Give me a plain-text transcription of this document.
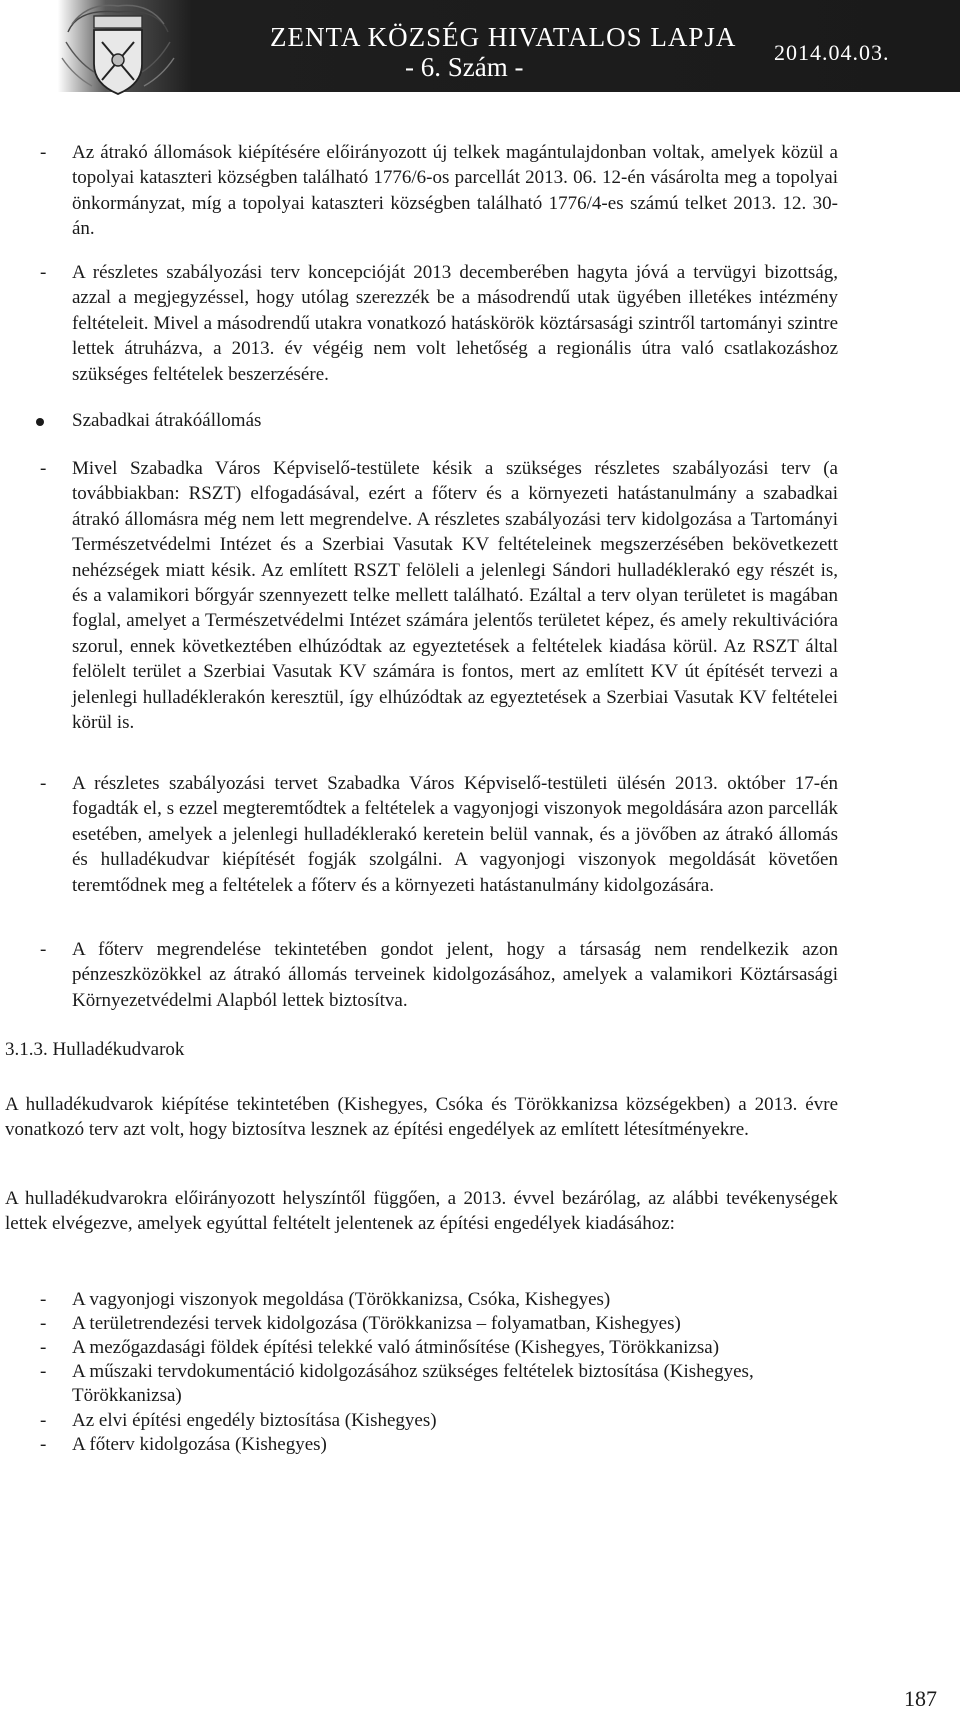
ZENTA KÖZSÉG HIVATALOS LAPJA
- 6. Szám -	2014.04.03.
- Az átrakó állomások kiépítésére előirányozott új telkek magántulajdonban voltak, amelyek közül a topolyai kataszteri községben található 1776/6-os parcellát 2013. 06. 12-én vásárolta meg a topolyai önkormányzat, míg a topolyai kataszteri községben található 1776/4-es számú telket 2013. 12. 30-án.
- A részletes szabályozási terv koncepcióját 2013 decemberében hagyta jóvá a tervügyi bizottság, azzal a megjegyzéssel, hogy utólag szerezzék be a másodrendű utak ügyében illetékes intézmény feltételeit. Mivel a másodrendű utakra vonatkozó hatáskörök köztársasági szintről tartományi szintre lettek átruházva, a 2013. év végéig nem volt lehetőség a regionális útra való csatlakozáshoz szükséges feltételek beszerzésére.
Szabadkai átrakóállomás
- Mivel Szabadka Város Képviselő-testülete késik a szükséges részletes szabályozási terv (a továbbiakban: RSZT) elfogadásával, ezért a főterv és a környezeti hatástanulmány a szabadkai átrakó állomásra még nem lett megrendelve. A részletes szabályozási terv kidolgozása a Tartományi Természetvédelmi Intézet és a Szerbiai Vasutak KV feltételeinek megszerzésében bekövetkezett nehézségek miatt késik. Az említett RSZT felöleli a jelenlegi Sándori hulladéklerakó egy részét is, és a valamikori bőrgyár szennyezett telke mellett található. Ezáltal a terv olyan területet is magában foglal, amelyet a Természetvédelmi Intézet számára jelentős területet képez, és amely rekultivációra szorul, ennek következtében elhúzódtak az egyeztetések a feltételek kiadása körül. Az RSZT által felölelt terület a Szerbiai Vasutak KV számára is fontos, mert az említett KV út építését tervezi a jelenlegi hulladéklerakón keresztül, így elhúzódtak az egyeztetések a Szerbiai Vasutak KV feltételei körül is.
- A részletes szabályozási tervet Szabadka Város Képviselő-testületi ülésén 2013. október 17-én fogadták el, s ezzel megteremtődtek a feltételek a vagyonjogi viszonyok megoldására azon parcellák esetében, amelyek a jelenlegi hulladéklerakó keretein belül vannak, és a jövőben az átrakó állomás és hulladékudvar kiépítését fogják szolgálni. A vagyonjogi viszonyok megoldását követően teremtődnek meg a feltételek a főterv és a környezeti hatástanulmány kidolgozására.
- A főterv megrendelése tekintetében gondot jelent, hogy a társaság nem rendelkezik azon pénzeszközökkel az átrakó állomás terveinek kidolgozásához, amelyek a valamikori Köztársasági Környezetvédelmi Alapból lettek biztosítva.
3.1.3. Hulladékudvarok
A hulladékudvarok kiépítése tekintetében (Kishegyes, Csóka és Törökkanizsa községekben) a 2013. évre vonatkozó terv azt volt, hogy biztosítva lesznek az építési engedélyek az említett létesítményekre.
A hulladékudvarokra előirányozott helyszíntől függően, a 2013. évvel bezárólag, az alábbi tevékenységek lettek elvégezve, amelyek egyúttal feltételt jelentenek az építési engedélyek kiadásához:
- A vagyonjogi viszonyok megoldása (Törökkanizsa, Csóka, Kishegyes)
- A területrendezési tervek kidolgozása (Törökkanizsa – folyamatban, Kishegyes)
- A mezőgazdasági földek építési telekké való átminősítése (Kishegyes, Törökkanizsa)
- A műszaki tervdokumentáció kidolgozásához szükséges feltételek biztosítása (Kishegyes,
Törökkanizsa)
- Az elvi építési engedély biztosítása (Kishegyes)
- A főterv kidolgozása (Kishegyes)
187
